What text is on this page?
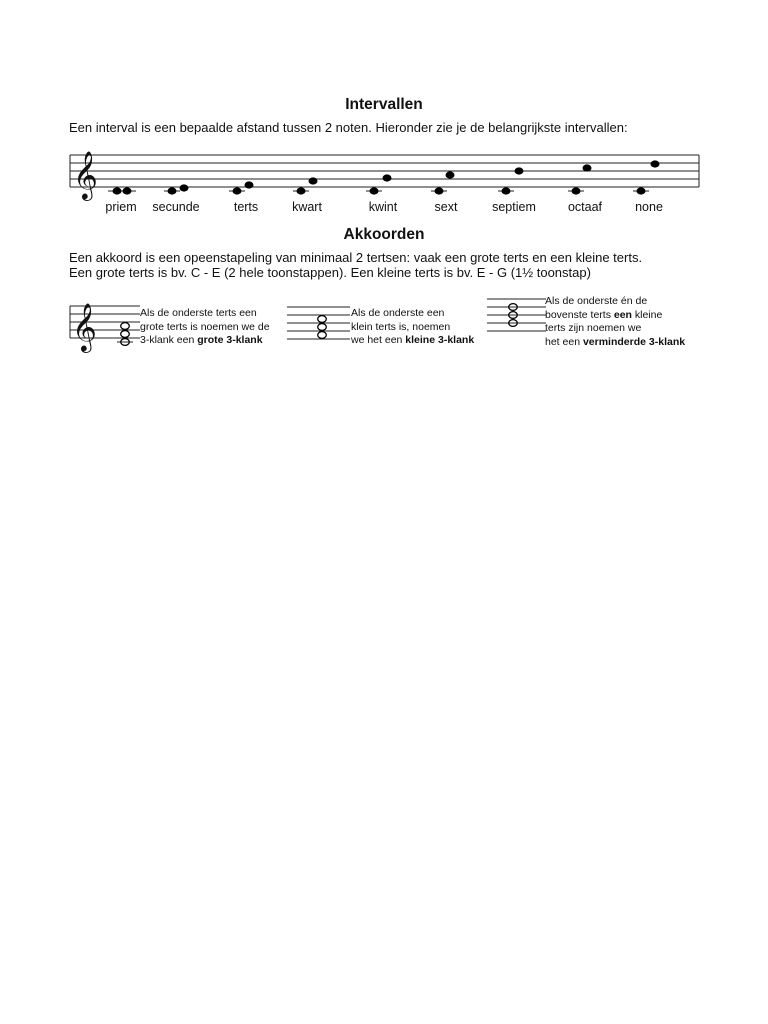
Intervallen
Een interval is een bepaalde afstand tussen 2 noten. Hieronder zie je de belangrijkste intervallen:
𝄞
𝄞
priem secunde	terts	kwart	kwint	sext	septiem	octaaf	none
Akkoorden
Een akkoord is een opeenstapeling van minimaal 2 tertsen: vaak een grote terts en een kleine terts.
Een grote terts is bv. C - E (2 hele toonstappen). Een kleine terts is bv. E - G (1½ toonstap)
Als de onderste terts een
grote terts is noemen we de
3-klank een grote 3-klank
Als de onderste een
klein terts is, noemen
we het een kleine 3-klank
Als de onderste én de
bovenste terts een kleine
terts zijn noemen we
het een verminderde 3-klank
